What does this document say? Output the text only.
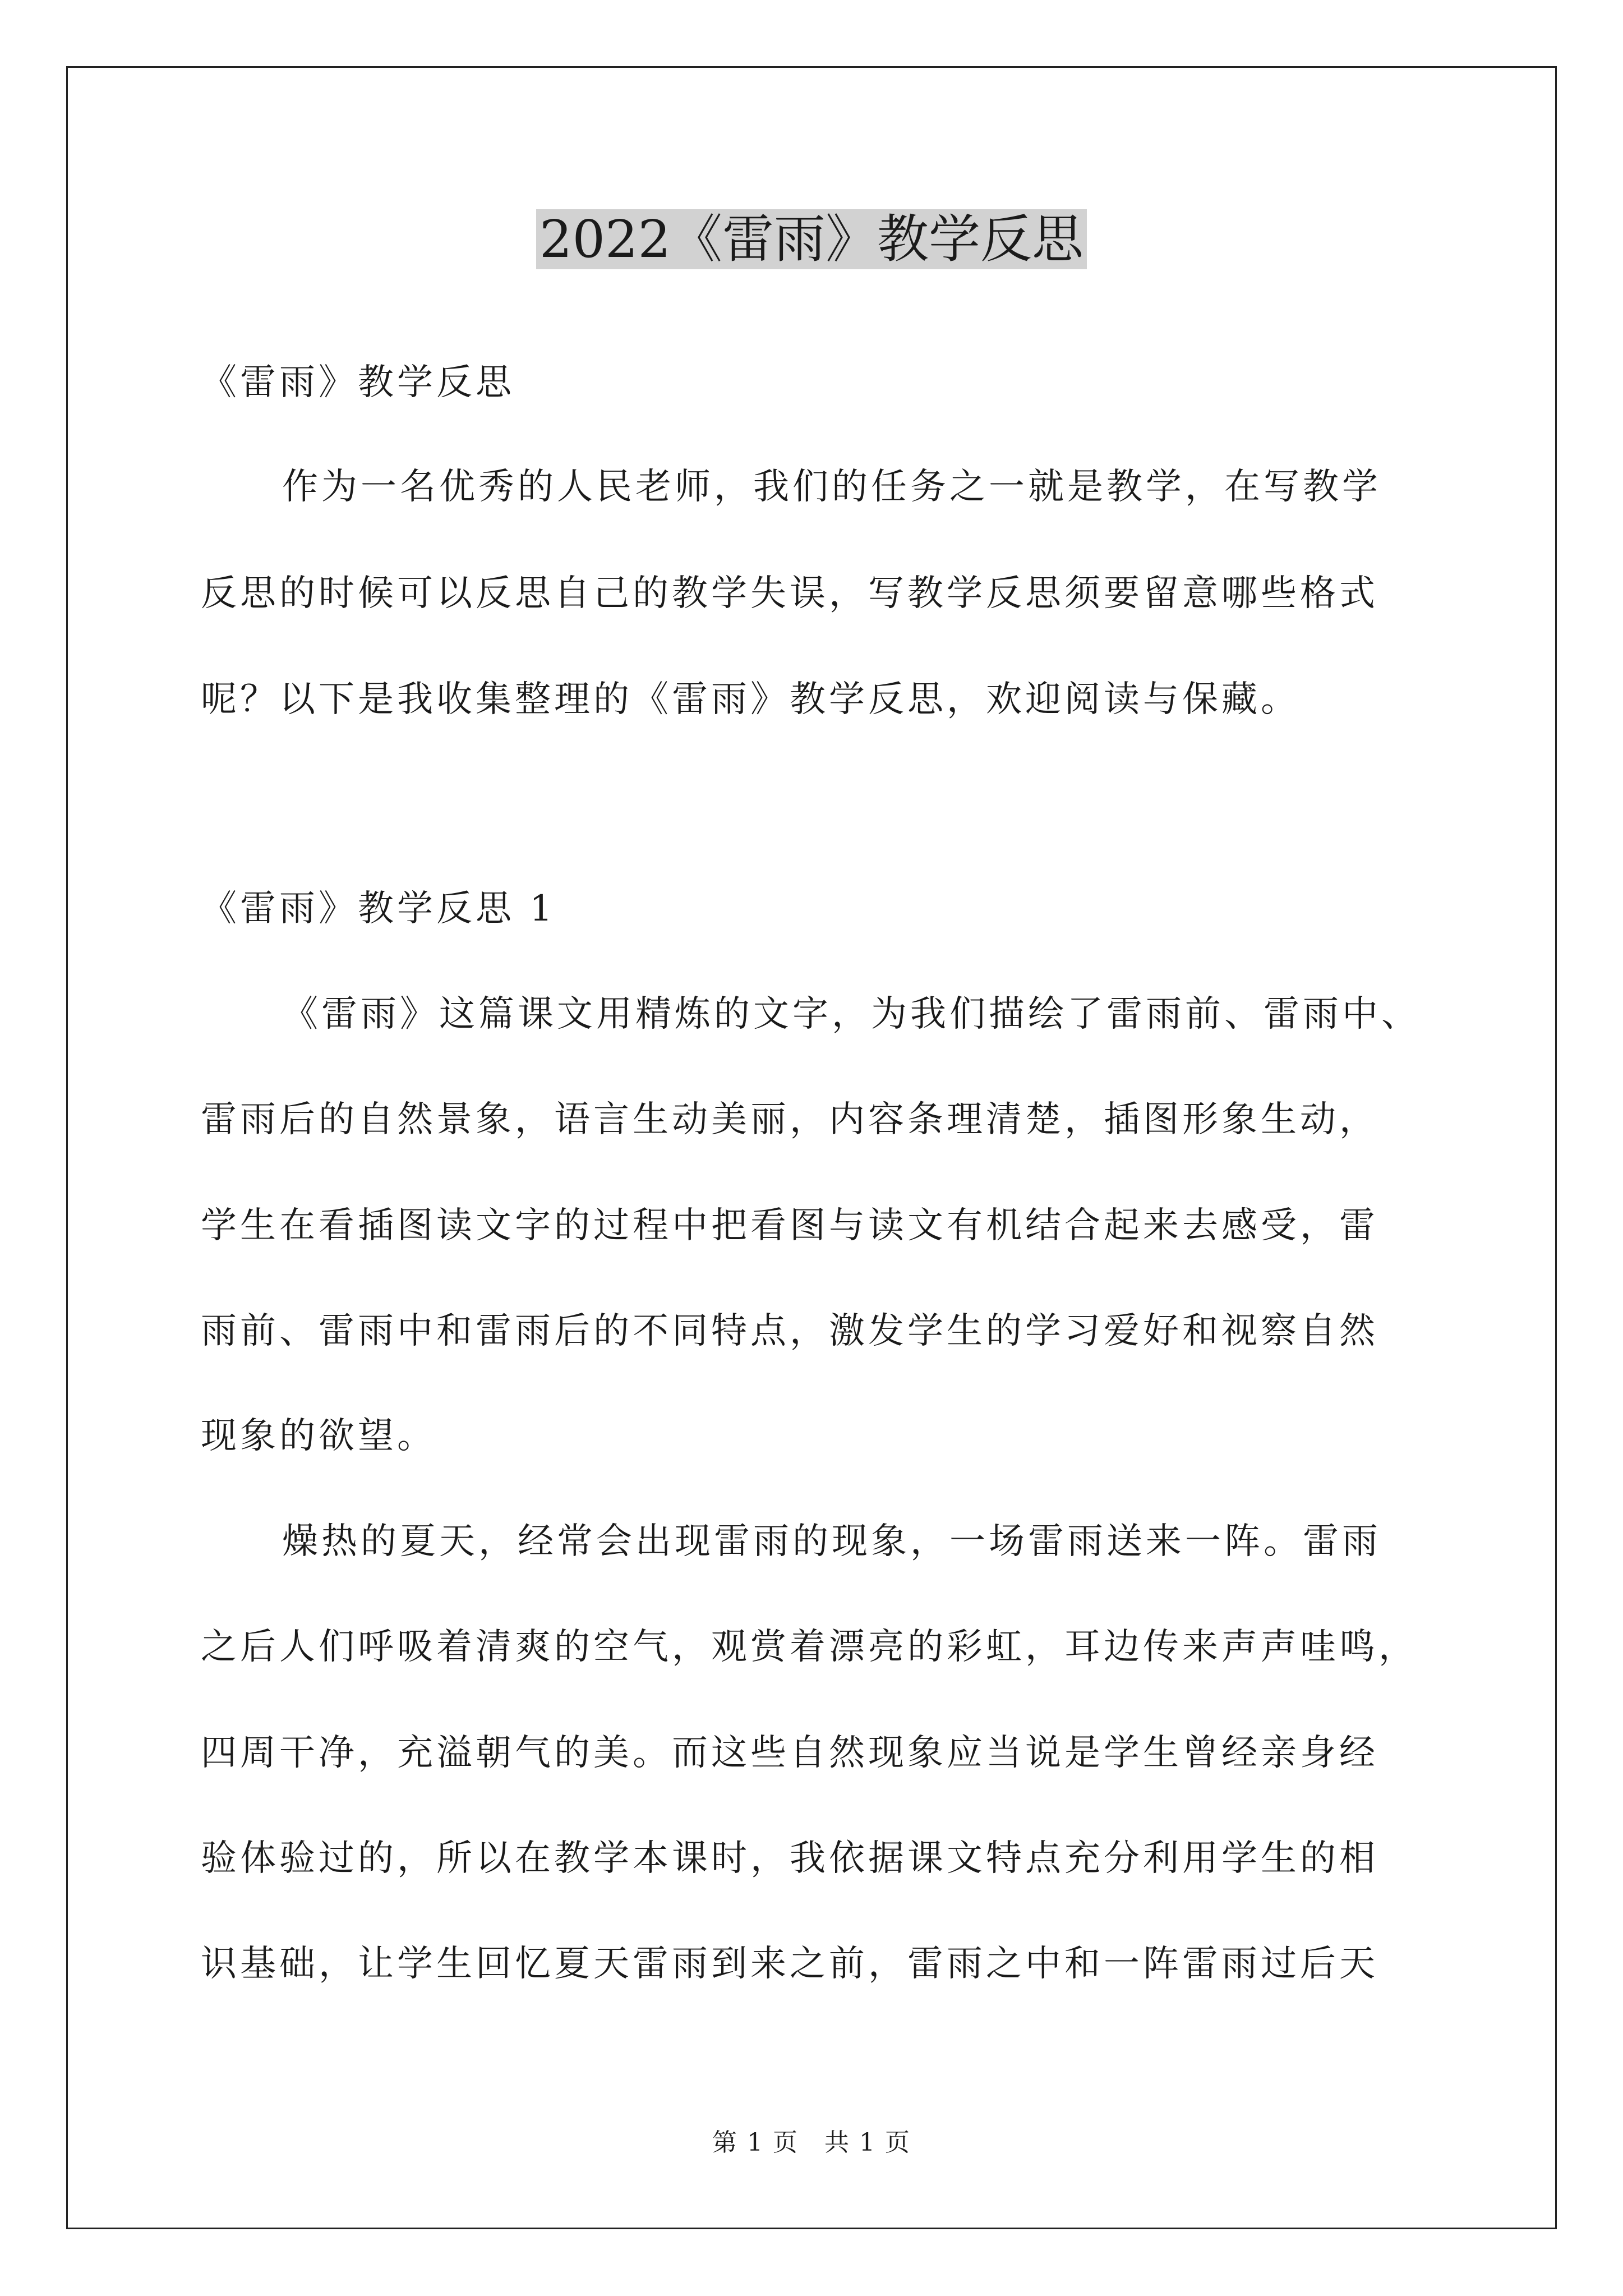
2022《雷雨》教学反思
《雷雨》教学反思
作为一名优秀的人民老师，我们的任务之一就是教学，在写教学
反思的时候可以反思自己的教学失误，写教学反思须要留意哪些格式
呢？以下是我收集整理的《雷雨》教学反思，欢迎阅读与保藏。
《雷雨》教学反思 1
《雷雨》这篇课文用精炼的文字，为我们描绘了雷雨前、雷雨中、
雷雨后的自然景象，语言生动美丽，内容条理清楚，插图形象生动，
学生在看插图读文字的过程中把看图与读文有机结合起来去感受，雷
雨前、雷雨中和雷雨后的不同特点，激发学生的学习爱好和视察自然
现象的欲望。
燥热的夏天，经常会出现雷雨的现象，一场雷雨送来一阵。雷雨
之后人们呼吸着清爽的空气，观赏着漂亮的彩虹，耳边传来声声哇鸣，
四周干净，充溢朝气的美。而这些自然现象应当说是学生曾经亲身经
验体验过的，所以在教学本课时，我依据课文特点充分利用学生的相
识基础，让学生回忆夏天雷雨到来之前，雷雨之中和一阵雷雨过后天
第 1 页　共 1 页
